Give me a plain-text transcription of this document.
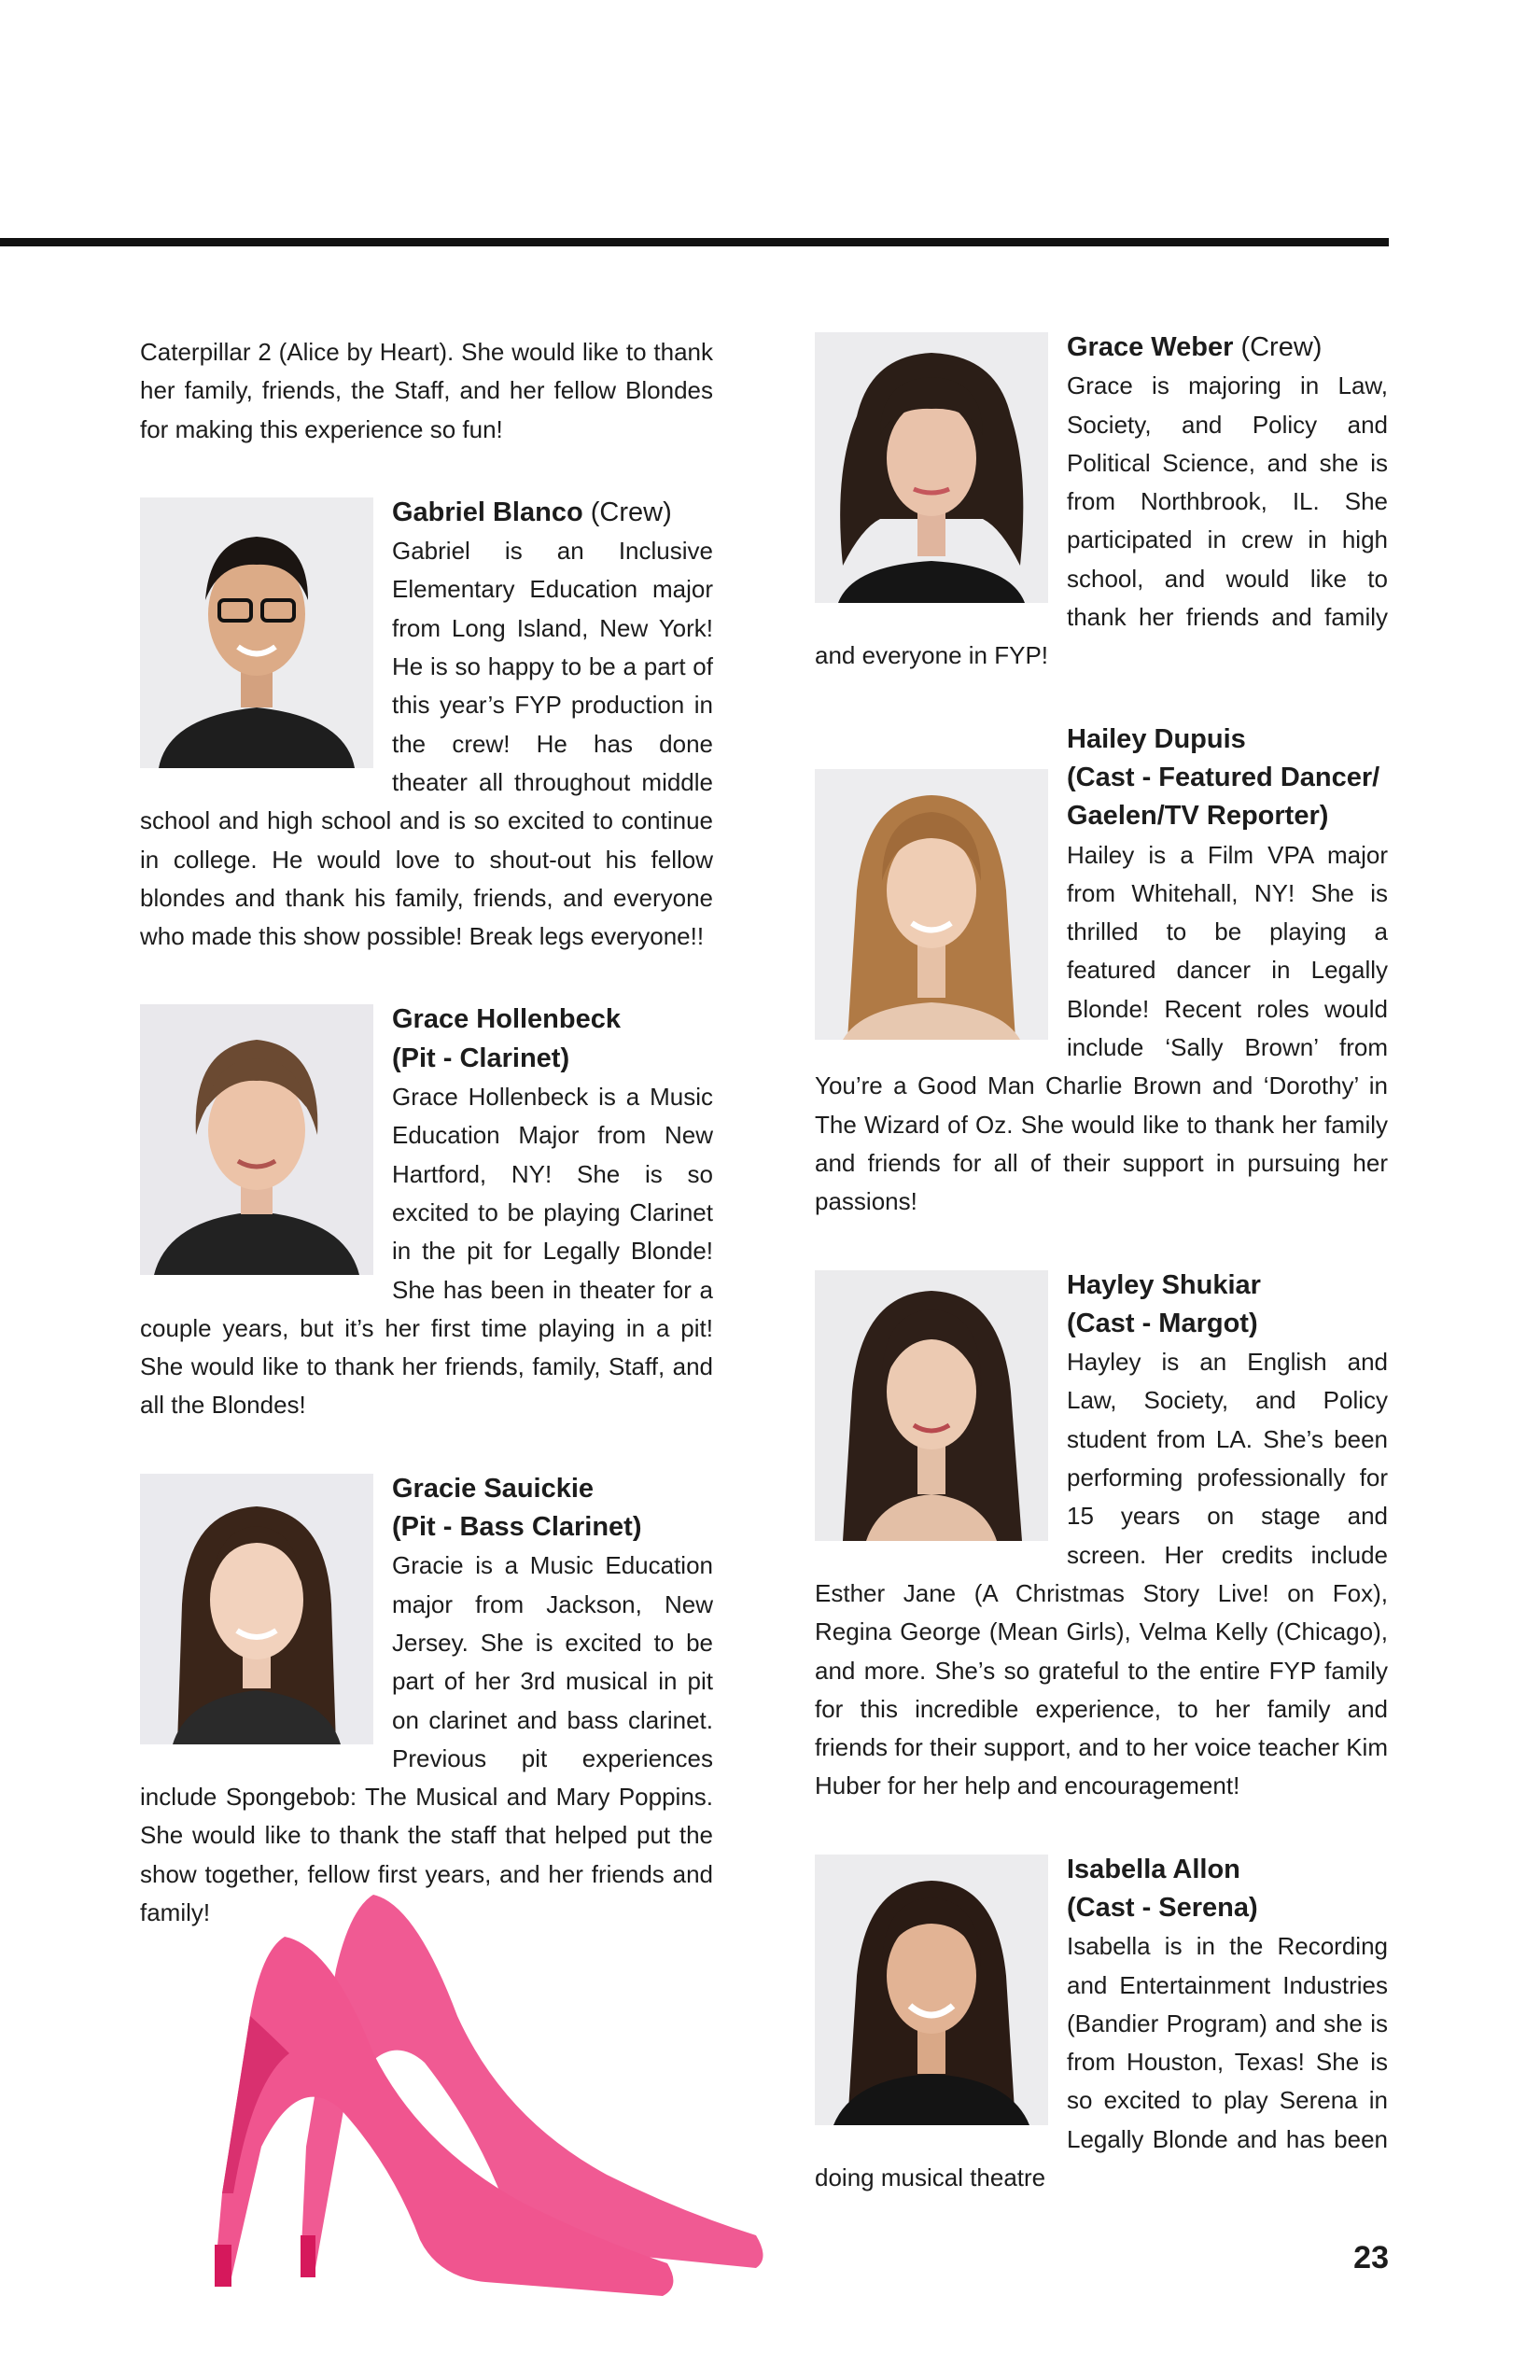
Caterpillar 2 (Alice by Heart). She would like to thank her family, friends, the Staff, and her fellow Blondes for making this experience so fun!

Gabriel Blanco (Crew)

Gabriel is an Inclusive Elementary Education major from Long Island, New York! He is so happy to be a part of this year’s FYP production in the crew! He has done theater all throughout middle school and high school and is so excited to continue in college. He would love to shout-out his fellow blondes and thank his family, friends, and everyone who made this show possible! Break legs everyone!!

Grace Hollenbeck
(Pit - Clarinet)

Grace Hollenbeck is a Music Education Major from New Hartford, NY! She is so excited to be playing Clarinet in the pit for Legally Blonde! She has been in theater for a couple years, but it’s her first time playing in a pit! She would like to thank her friends, family, Staff, and all the Blondes!

Gracie Sauickie
(Pit - Bass Clarinet)

Gracie is a Music Education major from Jackson, New Jersey. She is excited to be part of her 3rd musical in pit on clarinet and bass clarinet. Previous pit experiences include Spongebob: The Musical and Mary Poppins. She would like to thank the staff that helped put the show together, fellow first years, and her friends and family!

Grace Weber (Crew)

Grace is majoring in Law, Society, and Policy and Political Science, and she is from Northbrook, IL. She participated in crew in high school, and would like to thank her friends and family and everyone in FYP!

Hailey Dupuis
(Cast - Featured Dancer/ Gaelen/TV Reporter)

Hailey is a Film VPA major from Whitehall, NY! She is thrilled to be playing a featured dancer in Legally Blonde! Recent roles would include ‘Sally Brown’ from You’re a Good Man Charlie Brown and ‘Dorothy’ in The Wizard of Oz. She would like to thank her family and friends for all of their support in pursuing her passions!

Hayley Shukiar
(Cast - Margot)

Hayley is an English and Law, Society, and Policy student from LA. She’s been performing professionally for 15 years on stage and screen. Her credits include Esther Jane (A Christmas Story Live! on Fox), Regina George (Mean Girls), Velma Kelly (Chicago), and more. She’s so grateful to the entire FYP family for this incredible experience, to her family and friends for their support, and to her voice teacher Kim Huber for her help and encouragement!

Isabella Allon
(Cast - Serena)

Isabella is in the Recording and Entertainment Industries (Bandier Program) and she is from Houston, Texas! She is so excited to play Serena in Legally Blonde and has been doing musical theatre

23
